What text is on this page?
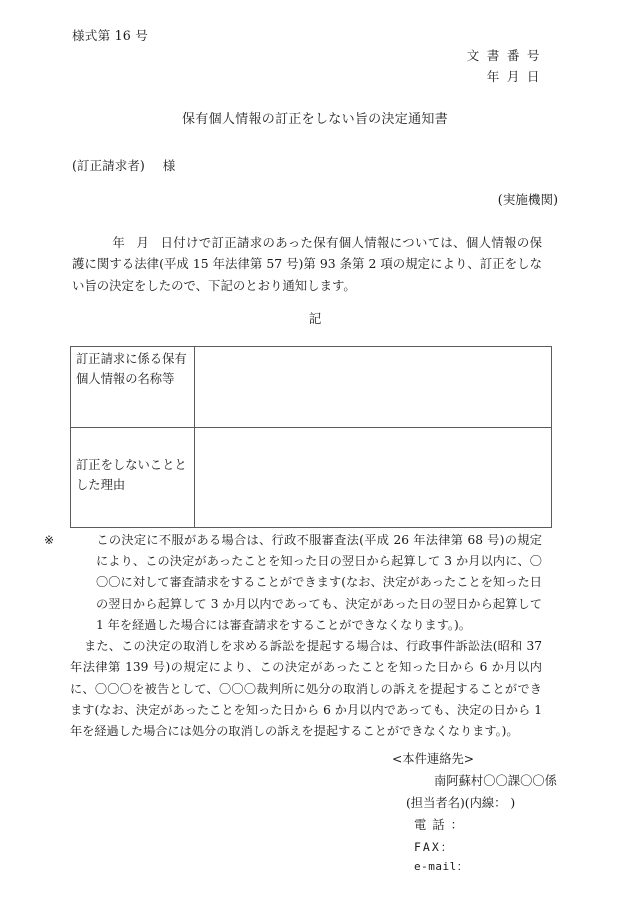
様式第 16 号
文書番号
年月日
保有個人情報の訂正をしない旨の決定通知書
(訂正請求者) 様
(実施機関)
年 月 日付けで訂正請求のあった保有個人情報については、個人情報の保護に関する法律(平成 15 年法律第 57 号)第 93 条第 2 項の規定により、訂正をしない旨の決定をしたので、下記のとおり通知します。
記
訂正請求に係る保有個人情報の名称等	
訂正をしないこととした理由	

※	この決定に不服がある場合は、行政不服審査法(平成 26 年法律第 68 号)の規定により、この決定があったことを知った日の翌日から起算して 3 か月以内に、〇〇〇に対して審査請求をすることができます(なお、決定があったことを知った日の翌日から起算して 3 か月以内であっても、決定があった日の翌日から起算して 1 年を経過した場合には審査請求をすることができなくなります。)。

また、この決定の取消しを求める訴訟を提起する場合は、行政事件訴訟法(昭和 37 年法律第 139 号)の規定により、この決定があったことを知った日から 6 か月以内に、〇〇〇を被告として、〇〇〇裁判所に処分の取消しの訴えを提起することができます(なお、決定があったことを知った日から 6 か月以内であっても、決定の日から 1 年を経過した場合には処分の取消しの訴えを提起することができなくなります。)。

<本件連絡先>
南阿蘇村〇〇課〇〇係
(担当者名)(内線： )
電話：
FAX：
e-mail：
